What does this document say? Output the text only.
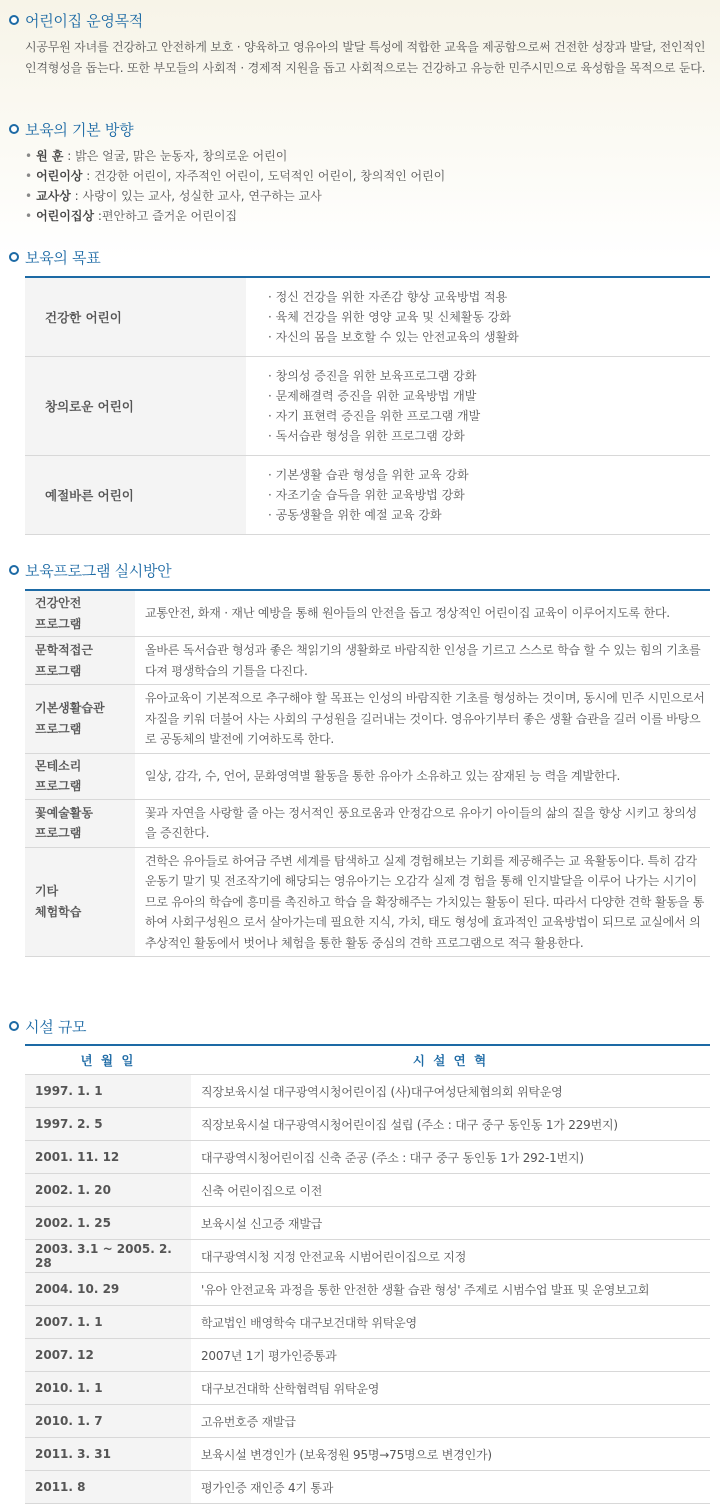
어린이집 운영목적
시공무원 자녀를 건강하고 안전하게 보호 · 양육하고 영유아의 발달 특성에 적합한 교육을 제공함으로써 건전한 성장과 발달, 전인적인 인격형성을 돕는다. 또한 부모들의 사회적 · 경제적 지원을 돕고 사회적으로는 건강하고 유능한 민주시민으로 육성함을 목적으로 둔다.
보육의 기본 방향
• 원 훈 : 밝은 얼굴, 맑은 눈동자, 창의로운 어린이
• 어린이상 : 건강한 어린이, 자주적인 어린이, 도덕적인 어린이, 창의적인 어린이
• 교사상 : 사랑이 있는 교사, 성실한 교사, 연구하는 교사
• 어린이집상 :편안하고 즐거운 어린이집
보육의 목표
건강한 어린이	· 정신 건강을 위한 자존감 향상 교육방법 적용
· 육체 건강을 위한 영양 교육 및 신체활동 강화
· 자신의 몸을 보호할 수 있는 안전교육의 생활화

창의로운 어린이	· 창의성 증진을 위한 보육프로그램 강화
· 문제해결력 증진을 위한 교육방법 개발
· 자기 표현력 증진을 위한 프로그램 개발
· 독서습관 형성을 위한 프로그램 강화

예절바른 어린이	· 기본생활 습관 형성을 위한 교육 강화
· 자조기술 습득을 위한 교육방법 강화
· 공동생활을 위한 예절 교육 강화
보육프로그램 실시방안
건강안전
프로그램	교통안전, 화재 · 재난 예방을 통해 원아들의 안전을 돕고 정상적인 어린이집 교육이 이루어지도록 한다.

문학적접근
프로그램	올바른 독서습관 형성과 좋은 책읽기의 생활화로 바람직한 인성을 기르고 스스로 학습 할 수 있는 힘의 기초를 다져 평생학습의 기틀을 다진다.

기본생활습관
프로그램	유아교육이 기본적으로 추구해야 할 목표는 인성의 바람직한 기초를 형성하는 것이며, 동시에 민주 시민으로서 자질을 키워 더불어 사는 사회의 구성원을 길러내는 것이다. 영유아기부터 좋은 생활 습관을 길러 이를 바탕으로 공동체의 발전에 기여하도록 한다.

몬테소리
프로그램	일상, 감각, 수, 언어, 문화영역별 활동을 통한 유아가 소유하고 있는 잠재된 능 력을 계발한다.

꽃예술활동
프로그램	꽃과 자연을 사랑할 줄 아는 정서적인 풍요로움과 안정감으로 유아기 아이들의 삶의 질을 향상 시키고 창의성을 증진한다.

기타
체험학습	견학은 유아들로 하여금 주변 세계를 탐색하고 실제 경험해보는 기회를 제공해주는 교 육활동이다. 특히 감각운동기 말기 및 전조작기에 해당되는 영유아기는 오감각 실제 경 험을 통해 인지발달을 이루어 나가는 시기이므로 유아의 학습에 흥미를 촉진하고 학습 을 확장해주는 가치있는 활동이 된다. 따라서 다양한 견학 활동을 통하여 사회구성원으 로서 살아가는데 필요한 지식, 가치, 태도 형성에 효과적인 교육방법이 되므로 교실에서 의 추상적인 활동에서 벗어나 체험을 통한 활동 중심의 견학 프로그램으로 적극 활용한다.
시설 규모
년 월 일	시 설 연 혁
1997. 1. 1	직장보육시설 대구광역시청어린이집 (사)대구여성단체협의회 위탁운영
1997. 2. 5	직장보육시설 대구광역시청어린이집 설립 (주소 : 대구 중구 동인동 1가 229번지)
2001. 11. 12	대구광역시청어린이집 신축 준공 (주소 : 대구 중구 동인동 1가 292-1번지)
2002. 1. 20	신축 어린이집으로 이전
2002. 1. 25	보육시설 신고증 재발급
2003. 3.1 ~ 2005. 2. 28	대구광역시청 지정 안전교육 시범어린이집으로 지정
2004. 10. 29	'유아 안전교육 과정을 통한 안전한 생활 습관 형성' 주제로 시범수업 발표 및 운영보고회
2007. 1. 1	학교법인 배영학숙 대구보건대학 위탁운영
2007. 12	2007년 1기 평가인증통과
2010. 1. 1	대구보건대학 산학협력팀 위탁운영
2010. 1. 7	고유번호증 재발급
2011. 3. 31	보육시설 변경인가 (보육정원 95명→75명으로 변경인가)
2011. 8	평가인증 재인증 4기 통과
